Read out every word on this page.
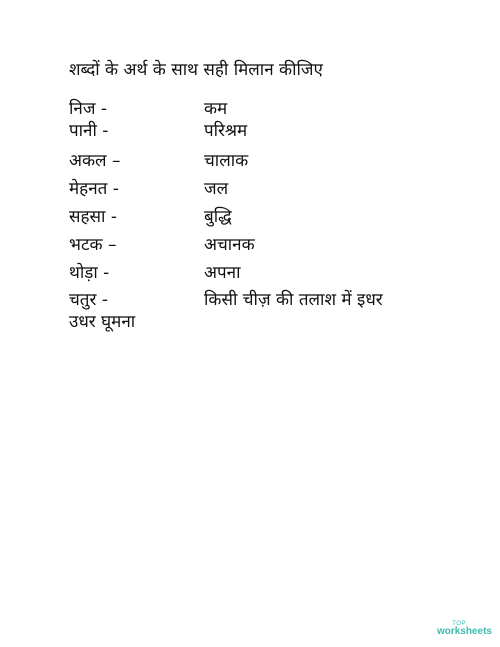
शब्दों के अर्थ के साथ सही मिलान कीजिए
निज -	कम
पानी -	परिश्रम
अकल –	चालाक
मेहनत -	जल
सहसा -	बुद्धि
भटक –	अचानक
थोड़ा -	अपना
चतुर -	किसी चीज़ की तलाश में इधर
उधर घूमना
TOP
worksheets
